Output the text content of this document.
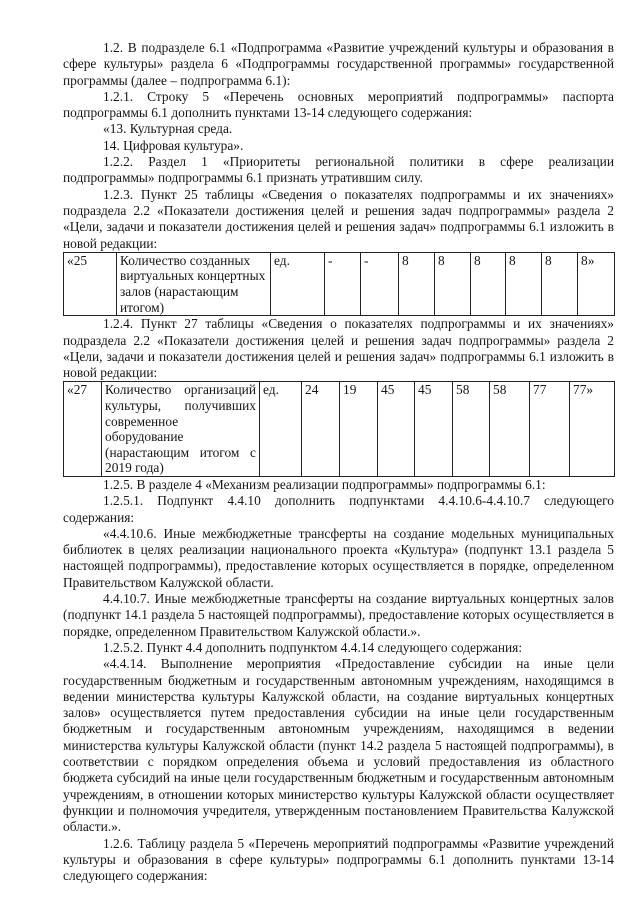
1.2. В подразделе 6.1 «Подпрограмма «Развитие учреждений культуры и образования в сфере культуры» раздела 6 «Подпрограммы государственной программы» государственной программы (далее – подпрограмма 6.1):

1.2.1. Строку 5 «Перечень основных мероприятий подпрограммы» паспорта подпрограммы 6.1 дополнить пунктами 13-14 следующего содержания:

«13. Культурная среда.

14. Цифровая культура».

1.2.2. Раздел 1 «Приоритеты региональной политики в сфере реализации подпрограммы» подпрограммы 6.1 признать утратившим силу.

1.2.3. Пункт 25 таблицы «Сведения о показателях подпрограммы и их значениях» подраздела 2.2 «Показатели достижения целей и решения задач подпрограммы» раздела 2 «Цели, задачи и показатели достижения целей и решения задач» подпрограммы 6.1 изложить в новой редакции:

«25	Количество созданных виртуальных концертных залов (нарастающим итогом)	ед.	-	-	8	8	8	8	8	8»

1.2.4. Пункт 27 таблицы «Сведения о показателях подпрограммы и их значениях» подраздела 2.2 «Показатели достижения целей и решения задач подпрограммы» раздела 2 «Цели, задачи и показатели достижения целей и решения задач» подпрограммы 6.1 изложить в новой редакции:

«27	Количество организаций культуры, получивших современное оборудование (нарастающим итогом с 2019 года)	ед.	24	19	45	45	58	58	77	77»

1.2.5. В разделе 4 «Механизм реализации подпрограммы» подпрограммы 6.1:

1.2.5.1. Подпункт 4.4.10 дополнить подпунктами 4.4.10.6-4.4.10.7 следующего содержания:

«4.4.10.6. Иные межбюджетные трансферты на создание модельных муниципальных библиотек в целях реализации национального проекта «Культура» (подпункт 13.1 раздела 5 настоящей подпрограммы), предоставление которых осуществляется в порядке, определенном Правительством Калужской области.

4.4.10.7. Иные межбюджетные трансферты на создание виртуальных концертных залов (подпункт 14.1 раздела 5 настоящей подпрограммы), предоставление которых осуществляется в порядке, определенном Правительством Калужской области.».

1.2.5.2. Пункт 4.4 дополнить подпунктом 4.4.14 следующего содержания:

«4.4.14. Выполнение мероприятия «Предоставление субсидии на иные цели государственным бюджетным и государственным автономным учреждениям, находящимся в ведении министерства культуры Калужской области, на создание виртуальных концертных залов» осуществляется путем предоставления субсидии на иные цели государственным бюджетным и государственным автономным учреждениям, находящимся в ведении министерства культуры Калужской области (пункт 14.2 раздела 5 настоящей подпрограммы), в соответствии с порядком определения объема и условий предоставления из областного бюджета субсидий на иные цели государственным бюджетным и государственным автономным учреждениям, в отношении которых министерство культуры Калужской области осуществляет функции и полномочия учредителя, утвержденным постановлением Правительства Калужской области.».

1.2.6. Таблицу раздела 5 «Перечень мероприятий подпрограммы «Развитие учреждений культуры и образования в сфере культуры» подпрограммы 6.1 дополнить пунктами 13-14 следующего содержания:
